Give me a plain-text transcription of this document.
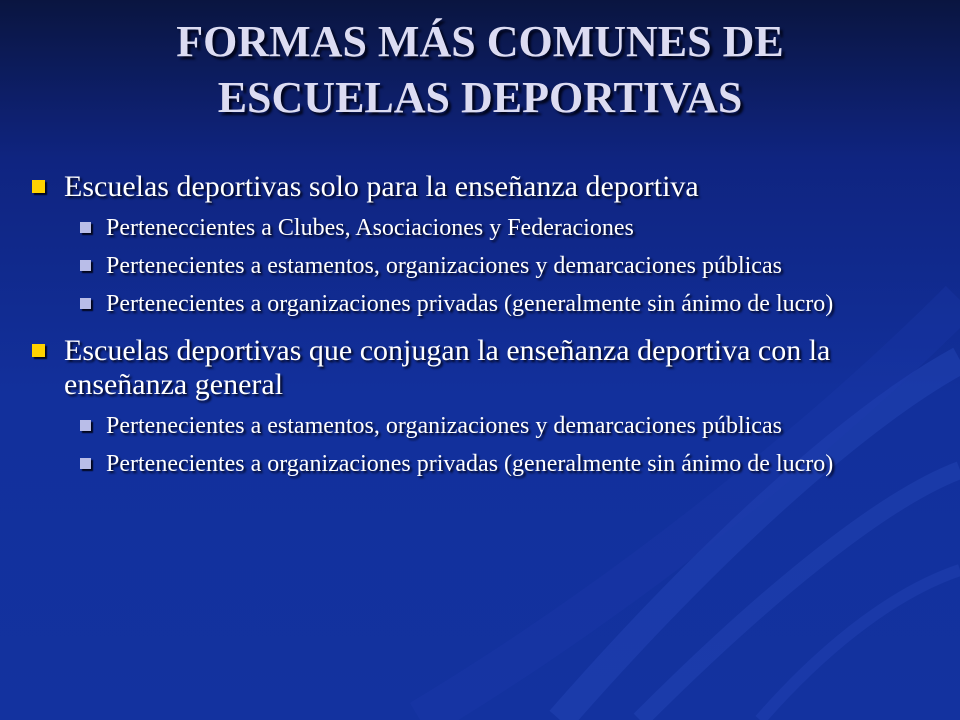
FORMAS MÁS COMUNES DE
ESCUELAS DEPORTIVAS
Escuelas deportivas solo para la enseñanza deportiva
Perteneccientes a Clubes, Asociaciones y Federaciones
Pertenecientes a estamentos, organizaciones y demarcaciones públicas
Pertenecientes a organizaciones privadas (generalmente sin ánimo de lucro)
Escuelas deportivas que conjugan la enseñanza deportiva con la enseñanza general
Pertenecientes a estamentos, organizaciones y demarcaciones públicas
Pertenecientes a organizaciones privadas (generalmente sin ánimo de lucro)
